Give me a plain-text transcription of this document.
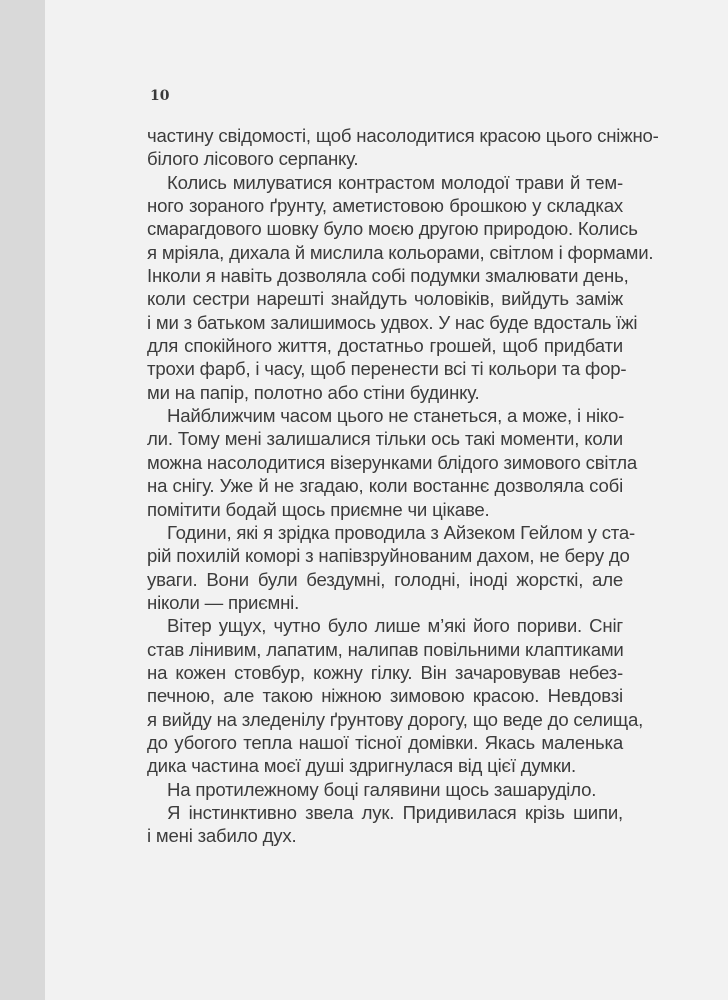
10
частину свідомості, щоб насолодитися красою цього сніжно-
білого лісового серпанку.
Колись милуватися контрастом молодої трави й тем-
ного зораного ґрунту, аметистовою брошкою у складках
смарагдового шовку було моєю другою природою. Колись
я мріяла, дихала й мислила кольорами, світлом і формами.
Інколи я навіть дозволяла собі подумки змалювати день,
коли сестри нарешті знайдуть чоловіків, вийдуть заміж
і ми з батьком залишимось удвох. У нас буде вдосталь їжі
для спокійного життя, достатньо грошей, щоб придбати
трохи фарб, і часу, щоб перенести всі ті кольори та фор-
ми на папір, полотно або стіни будинку.
Найближчим часом цього не станеться, а може, і ніко-
ли. Тому мені залишалися тільки ось такі моменти, коли
можна насолодитися візерунками блідого зимового світла
на снігу. Уже й не згадаю, коли востаннє дозволяла собі
помітити бодай щось приємне чи цікаве.
Години, які я зрідка проводила з Айзеком Гейлом у ста-
рій похилій коморі з напівзруйнованим дахом, не беру до
уваги. Вони були бездумні, голодні, іноді жорсткі, але
ніколи — приємні.
Вітер ущух, чутно було лише м’які його пориви. Сніг
став лінивим, лапатим, налипав повільними клаптиками
на кожен стовбур, кожну гілку. Він зачаровував небез-
печною, але такою ніжною зимовою красою. Невдовзі
я вийду на зледенілу ґрунтову дорогу, що веде до селища,
до убогого тепла нашої тісної домівки. Якась маленька
дика частина моєї душі здригнулася від цієї думки.
На протилежному боці галявини щось зашаруділо.
Я інстинктивно звела лук. Придивилася крізь шипи,
і мені забило дух.
